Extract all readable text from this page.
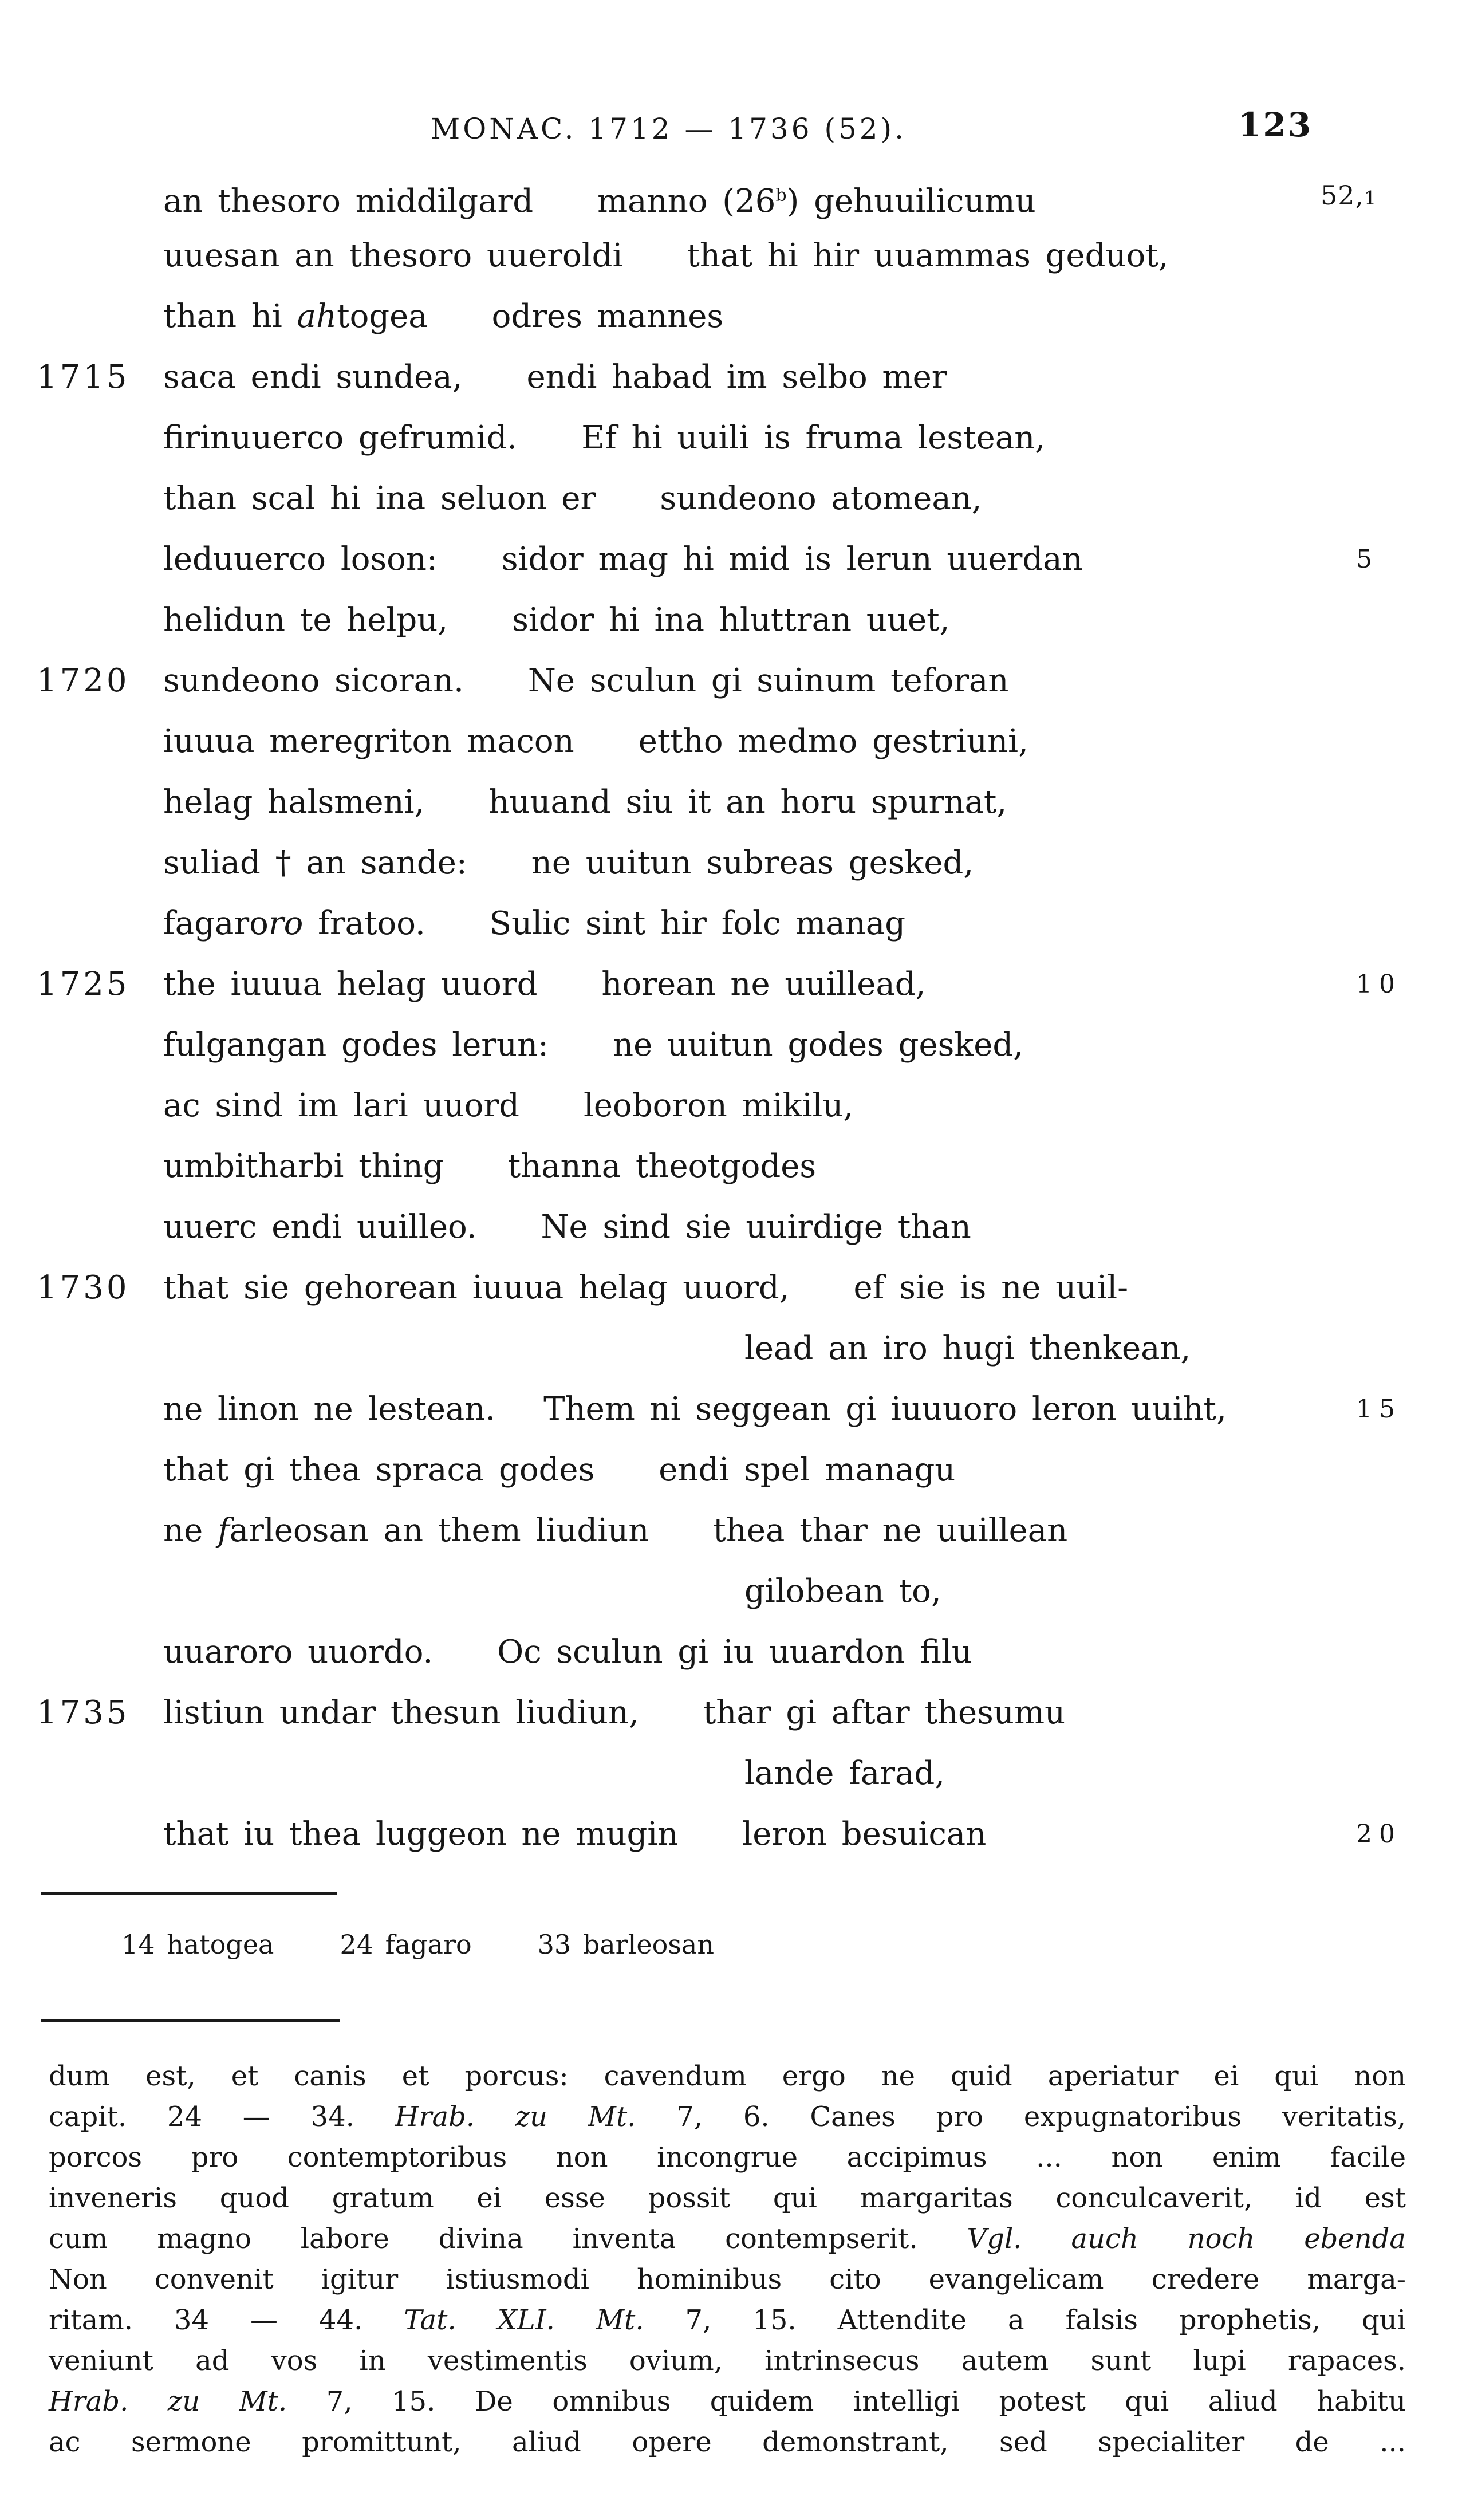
MONAC. 1712 — 1736 (52).	123
an thesoro middilgard  manno (26$^b$) gehuuilicumu	52,1
uuesan an thesoro uueroldi  that hi hir uuammas geduot,
than hi ahtogea  odres mannes
1715 saca endi sundea,  endi habad im selbo mer
firinuuerco gefrumid.  Ef hi uuili is fruma lestean,
than scal hi ina seluon er  sundeono atomean,
leduuerco loson:  sidor mag hi mid is lerun uuerdan	5
helidun te helpu,  sidor hi ina hluttran uuet,
1720 sundeono sicoran.  Ne sculun gi suinum teforan
iuuua meregriton macon  ettho medmo gestriuni,
helag halsmeni,  huuand siu it an horu spurnat,
suliad † an sande:  ne uuitun subreas gesked,
fagaroro fratoo.  Sulic sint hir folc manag
1725 the iuuua helag uuord  horean ne uuillead,	10
fulgangan godes lerun:  ne uuitun godes gesked,
ac sind im lari uuord  leoboron mikilu,
umbitharbi thing  thanna theotgodes
uuerc endi uuilleo.  Ne sind sie uuirdige than
1730 that sie gehorean iuuua helag uuord,  ef sie is ne uuil-
lead an iro hugi thenkean,
ne linon ne lestean.  Them ni seggean gi iuuuoro leron uuiht,	15
that gi thea spraca godes  endi spel managu
ne farleosan an them liudiun  thea thar ne uuillean
gilobean to,
uuaroro uuordo.  Oc sculun gi iu uuardon filu
1735 listiun undar thesun liudiun,  thar gi aftar thesumu
lande farad,
that iu thea luggeon ne mugin  leron besuican	20
14 hatogea   24 fagaro   33 barleosan
dum est, et canis et porcus: cavendum ergo ne quid aperiatur ei qui non
capit. 24 — 34. Hrab. zu Mt. 7, 6. Canes pro expugnatoribus veritatis,
porcos pro contemptoribus non incongrue accipimus ... non enim facile
inveneris quod gratum ei esse possit qui margaritas conculcaverit, id est
cum magno labore divina inventa contempserit. Vgl. auch noch ebenda
Non convenit igitur istiusmodi hominibus cito evangelicam credere marga-
ritam. 34 — 44. Tat. XLI. Mt. 7, 15. Attendite a falsis prophetis, qui
veniunt ad vos in vestimentis ovium, intrinsecus autem sunt lupi rapaces.
Hrab. zu Mt. 7, 15. De omnibus quidem intelligi potest qui aliud habitu
ac sermone promittunt, aliud opere demonstrant, sed specialiter de ...
